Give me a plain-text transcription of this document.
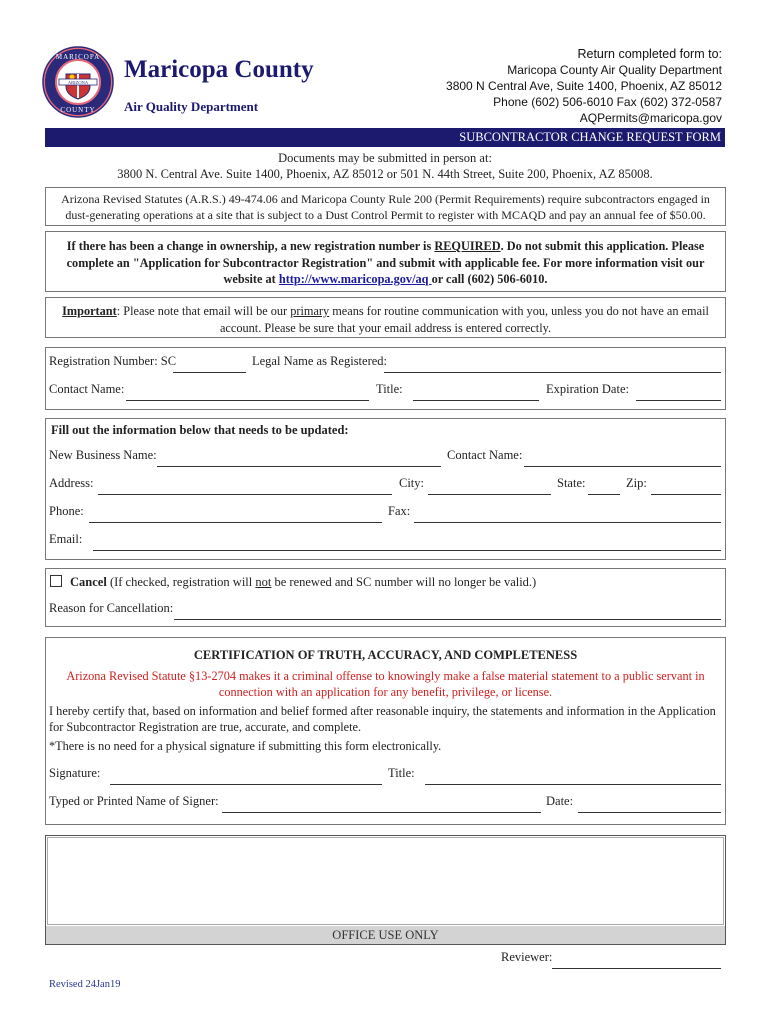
ARIZONA
MARICOPA
COUNTY
Maricopa County
Air Quality Department
Return completed form to:
Maricopa County Air Quality Department
3800 N Central Ave, Suite 1400, Phoenix, AZ 85012
Phone (602) 506-6010 Fax (602) 372-0587
AQPermits@maricopa.gov
SUBCONTRACTOR CHANGE REQUEST FORM
Documents may be submitted in person at:
3800 N. Central Ave. Suite 1400, Phoenix, AZ 85012 or 501 N. 44th Street, Suite 200, Phoenix, AZ 85008.
Arizona Revised Statutes (A.R.S.) 49-474.06 and Maricopa County Rule 200 (Permit Requirements) require subcontractors engaged in
dust-generating operations at a site that is subject to a Dust Control Permit to register with MCAQD and pay an annual fee of $50.00.
If there has been a change in ownership, a new registration number is REQUIRED. Do not submit this application. Please
complete an "Application for Subcontractor Registration" and submit with applicable fee. For more information visit our
website at http://www.maricopa.gov/aq or call (602) 506-6010.
Important: Please note that email will be our primary means for routine communication with you, unless you do not have an email
account. Please be sure that your email address is entered correctly.
Registration Number: SC	Legal Name as Registered:
Contact Name:	Title:	Expiration Date:
Fill out the information below that needs to be updated:
New Business Name:	Contact Name:
Address:	City:	State:	Zip:
Phone:	Fax:
Email:
Cancel (If checked, registration will not be renewed and SC number will no longer be valid.)
Reason for Cancellation:
CERTIFICATION OF TRUTH, ACCURACY, AND COMPLETENESS
Arizona Revised Statute §13-2704 makes it a criminal offense to knowingly make a false material statement to a public servant in
connection with an application for any benefit, privilege, or license.
I hereby certify that, based on information and belief formed after reasonable inquiry, the statements and information in the Application
for Subcontractor Registration are true, accurate, and complete.
*There is no need for a physical signature if submitting this form electronically.
Signature:	Title:
Typed or Printed Name of Signer:	Date:
OFFICE USE ONLY
Reviewer:
Revised 24Jan19
